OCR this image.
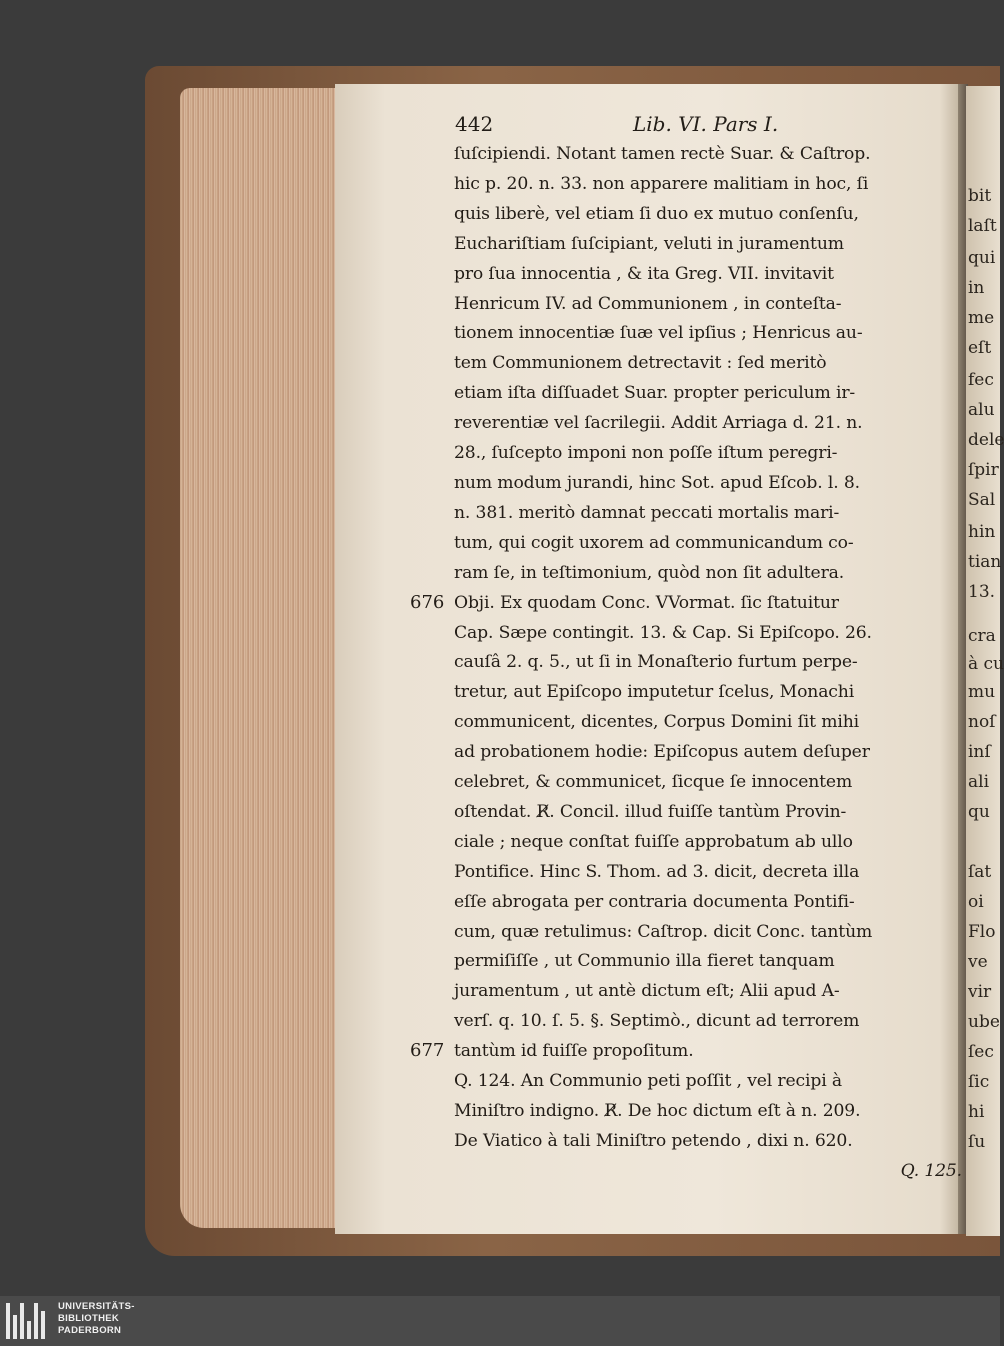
bit
laſt
qui
in
me
eſt
fec
alu
dele
ſpir
Sal
hin
tian
13.
cra
à cu
mu
noſ
inſ
ali
qu
ſat
oi
Flo
ve
vir
ube
ſec
ſic
hi
ſu
442	Lib. VI. Pars I.
676
677
ſuſcipiendi. Notant tamen rectè Suar. & Caſtrop.
hic p. 20. n. 33. non apparere malitiam in hoc, ſi
quis liberè, vel etiam ſi duo ex mutuo conſenſu,
Euchariſtiam ſuſcipiant, veluti in juramentum
pro ſua innocentia , & ita Greg. VII. invitavit
Henricum IV. ad Communionem , in conteſta-
tionem innocentiæ ſuæ vel ipſius ; Henricus au-
tem Communionem detrectavit : ſed meritò
etiam iſta diſſuadet Suar. propter periculum ir-
reverentiæ vel ſacrilegii. Addit Arriaga d. 21. n.
28., ſuſcepto imponi non poſſe iſtum peregri-
num modum jurandi, hinc Sot. apud Eſcob. l. 8.
n. 381. meritò damnat peccati mortalis mari-
tum, qui cogit uxorem ad communicandum co-
ram ſe, in teſtimonium, quòd non ſit adultera.
Obji. Ex quodam Conc. VVormat. ſic ſtatuitur
Cap. Sæpe contingit. 13. & Cap. Si Epiſcopo. 26.
cauſâ 2. q. 5., ut ſi in Monaſterio furtum perpe-
tretur, aut Epiſcopo imputetur ſcelus, Monachi
communicent, dicentes, Corpus Domini ſit mihi
ad probationem hodie: Epiſcopus autem deſuper
celebret, & communicet, ſicque ſe innocentem
oſtendat. R̸. Concil. illud fuiſſe tantùm Provin-
ciale ; neque conſtat fuiſſe approbatum ab ullo
Pontifice. Hinc S. Thom. ad 3. dicit, decreta illa
eſſe abrogata per contraria documenta Pontifi-
cum, quæ retulimus: Caſtrop. dicit Conc. tantùm
permiſiſſe , ut Communio illa fieret tanquam
juramentum , ut antè dictum eſt; Alii apud A-
verſ. q. 10. ſ. 5. §. Septimò., dicunt ad terrorem
tantùm id fuiſſe propoſitum.
Q. 124. An Communio peti poſſit , vel recipi à
Miniſtro indigno. R̸. De hoc dictum eſt à n. 209.
De Viatico à tali Miniſtro petendo , dixi n. 620.
Q. 125.
UNIVERSITÄTS-
BIBLIOTHEK
PADERBORN
